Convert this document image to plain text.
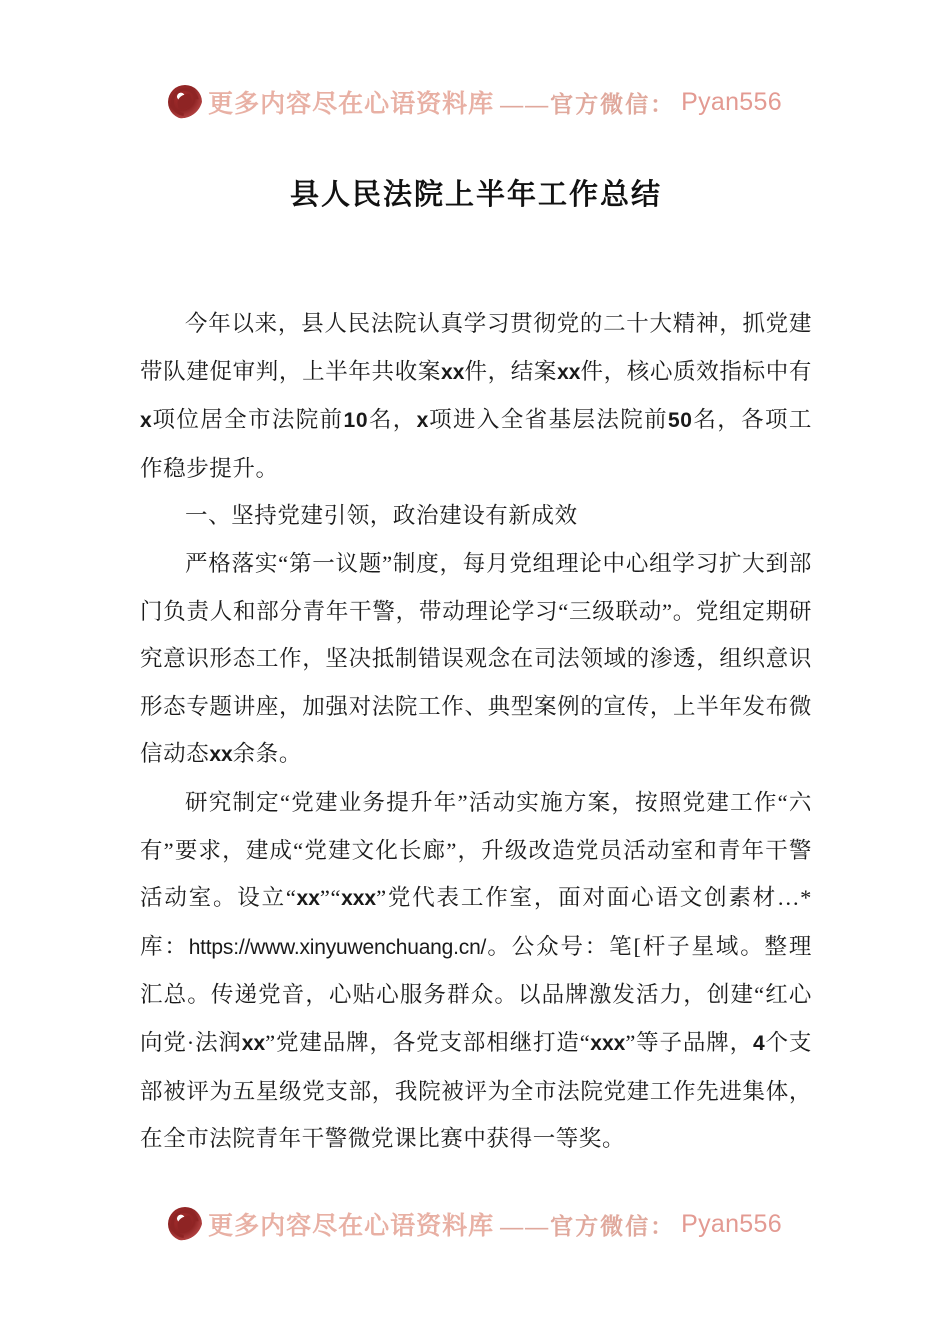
更多内容尽在心语资料库 ——官方微信： Pyan556
县人民法院上半年工作总结

今年以来，县人民法院认真学习贯彻党的二十大精神，抓党建带队建促审判，上半年共收案xx件，结案xx件，核心质效指标中有x项位居全市法院前10名，x项进入全省基层法院前50名，各项工作稳步提升。

一、坚持党建引领，政治建设有新成效

严格落实“第一议题”制度，每月党组理论中心组学习扩大到部门负责人和部分青年干警，带动理论学习“三级联动”。党组定期研究意识形态工作，坚决抵制错误观念在司法领域的渗透，组织意识形态专题讲座，加强对法院工作、典型案例的宣传，上半年发布微信动态xx余条。

研究制定“党建业务提升年”活动实施方案，按照党建工作“六有”要求，建成“党建文化长廊”，升级改造党员活动室和青年干警活动室。设立“xx”“xxx”党代表工作室，面对面心语文创素材…*库：https://www.xinyuwenchuang.cn/。公众号：笔[杆子星域。整理汇总。传递党音，心贴心服务群众。以品牌激发活力，创建“红心向党·法润xx”党建品牌，各党支部相继打造“xxx”等子品牌，4个支部被评为五星级党支部，我院被评为全市法院党建工作先进集体，在全市法院青年干警微党课比赛中获得一等奖。

更多内容尽在心语资料库 ——官方微信： Pyan556
